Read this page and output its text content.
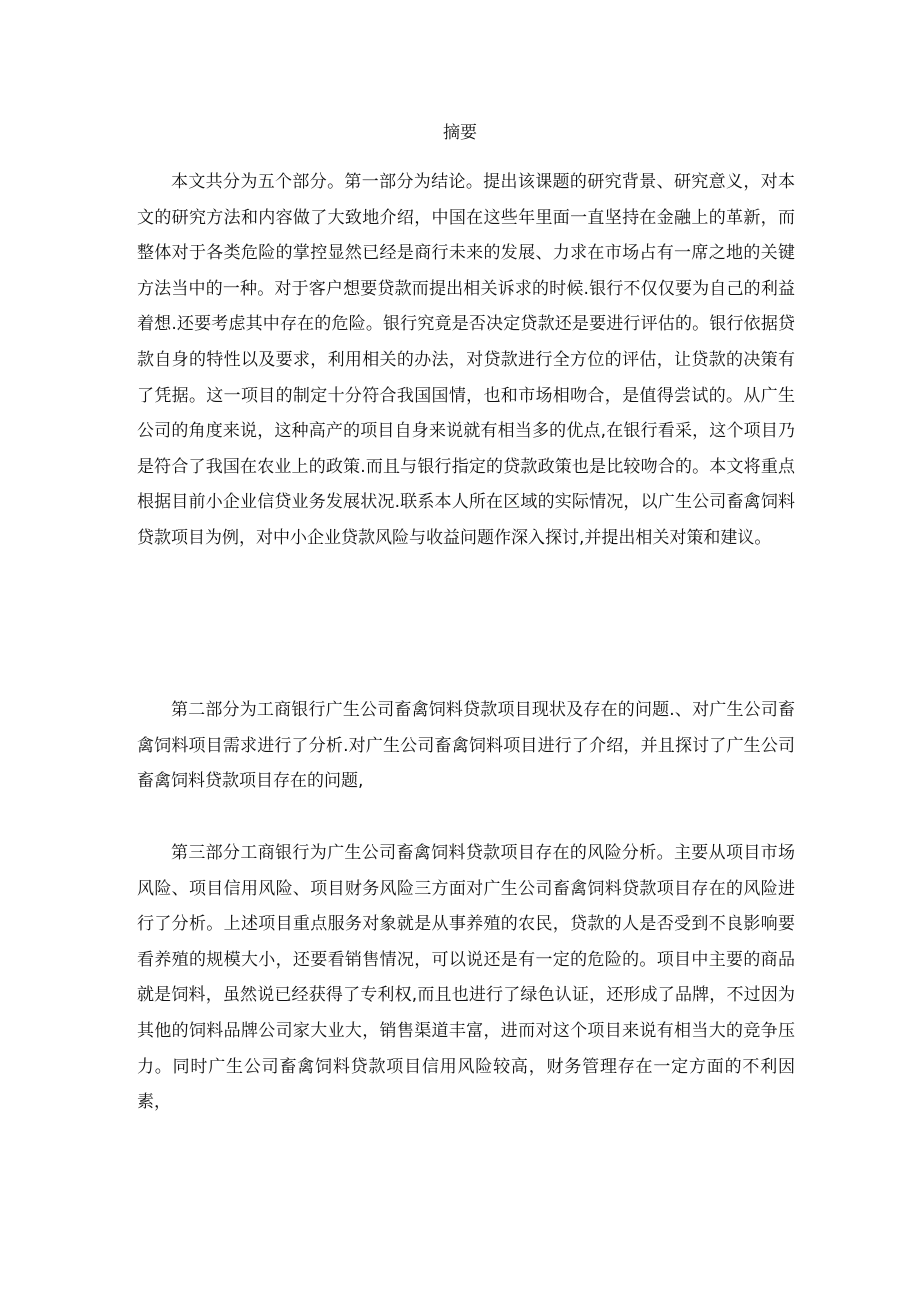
摘要

本文共分为五个部分。第一部分为结论。提出该课题的研究背景、研究意义，对本文的研究方法和内容做了大致地介绍，中国在这些年里面一直坚持在金融上的革新，而整体对于各类危险的掌控显然已经是商行未来的发展、力求在市场占有一席之地的关键方法当中的一种。对于客户想要贷款而提出相关诉求的时候.银行不仅仅要为自己的利益着想.还要考虑其中存在的危险。银行究竟是否决定贷款还是要进行评估的。银行依据贷款自身的特性以及要求，利用相关的办法，对贷款进行全方位的评估，让贷款的决策有了凭据。这一项目的制定十分符合我国国情，也和市场相吻合，是值得尝试的。从广生公司的角度来说，这种高产的项目自身来说就有相当多的优点,在银行看采，这个项目乃是符合了我国在农业上的政策.而且与银行指定的贷款政策也是比较吻合的。本文将重点根据目前小企业信贷业务发展状况.联系本人所在区域的实际情况，以广生公司畜禽饲料贷款项目为例，对中小企业贷款风险与收益问题作深入探讨,并提出相关对策和建议。

第二部分为工商银行广生公司畜禽饲料贷款项目现状及存在的问题.、对广生公司畜禽饲料项目需求进行了分析.对广生公司畜禽饲料项目进行了介绍，并且探讨了广生公司畜禽饲料贷款项目存在的问题,

第三部分工商银行为广生公司畜禽饲料贷款项目存在的风险分析。主要从项目市场风险、项目信用风险、项目财务风险三方面对广生公司畜禽饲料贷款项目存在的风险进行了分析。上述项目重点服务对象就是从事养殖的农民，贷款的人是否受到不良影响要看养殖的规模大小，还要看销售情况，可以说还是有一定的危险的。项目中主要的商品就是饲料，虽然说已经获得了专利权,而且也进行了绿色认证，还形成了品牌，不过因为其他的饲料品牌公司家大业大，销售渠道丰富，进而对这个项目来说有相当大的竞争压力。同时广生公司畜禽饲料贷款项目信用风险较高，财务管理存在一定方面的不利因素，
